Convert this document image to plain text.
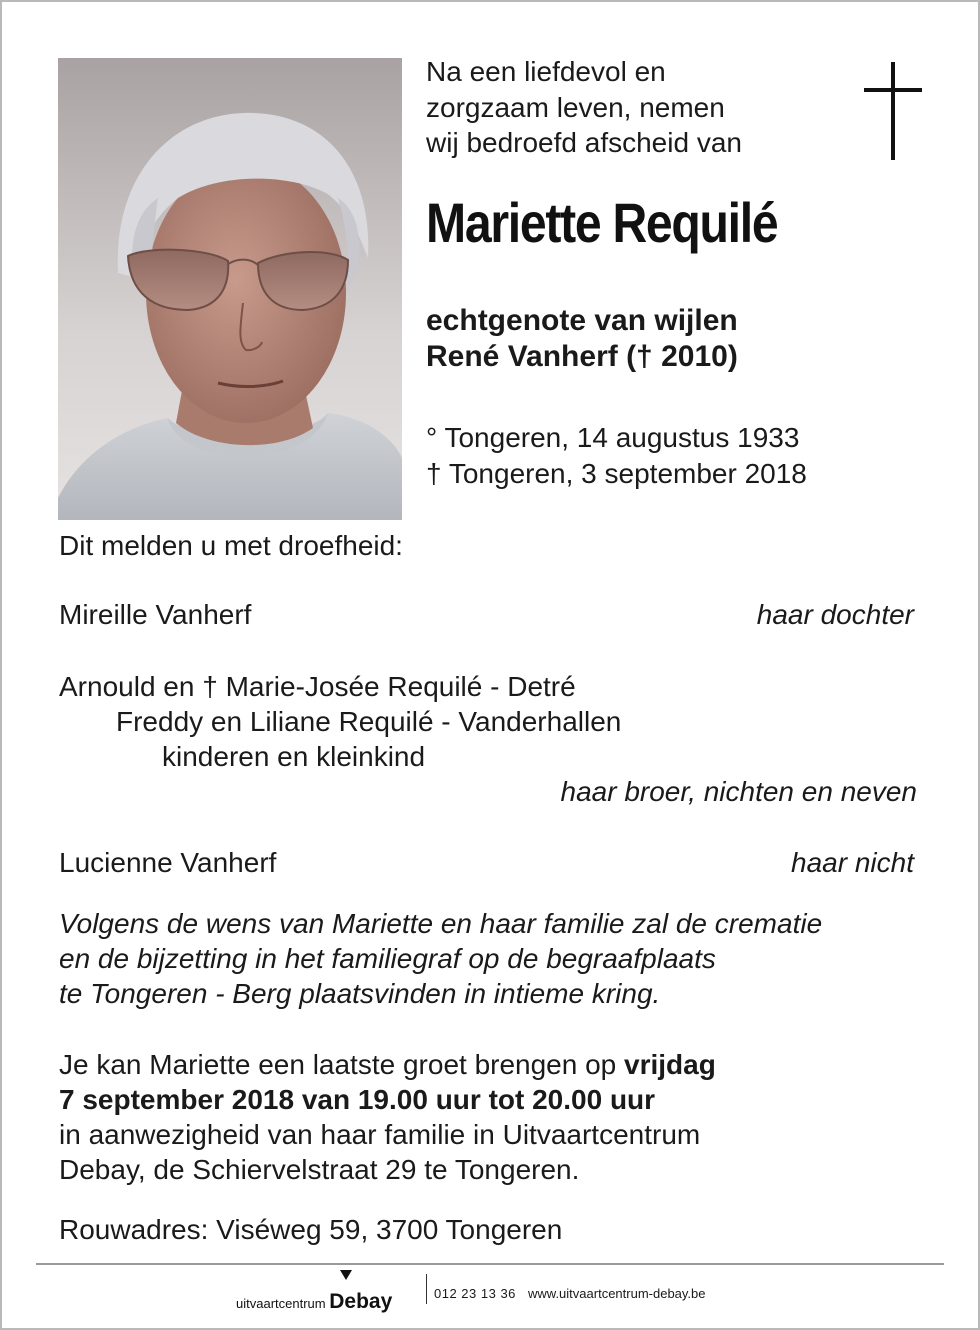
Na een liefdevol en
zorgzaam leven, nemen
wij bedroefd afscheid van
Mariette Requilé
echtgenote van wijlen
René Vanherf († 2010)
° Tongeren, 14 augustus 1933
† Tongeren, 3 september 2018
Dit melden u met droefheid:
Mireille Vanherf	haar dochter
Arnould en † Marie-Josée Requilé - Detré
Freddy en Liliane Requilé - Vanderhallen
kinderen en kleinkind
haar broer, nichten en neven
Lucienne Vanherf	haar nicht
Volgens de wens van Mariette en haar familie zal de crematie
en de bijzetting in het familiegraf op de begraafplaats
te Tongeren - Berg plaatsvinden in intieme kring.
Je kan Mariette een laatste groet brengen op vrijdag
7 september 2018 van 19.00 uur tot 20.00 uur
in aanwezigheid van haar familie in Uitvaartcentrum
Debay, de Schiervelstraat 29 te Tongeren.
Rouwadres: Viséweg 59, 3700 Tongeren
uitvaartcentrum Debay	012 23 13 36 www.uitvaartcentrum-debay.be
